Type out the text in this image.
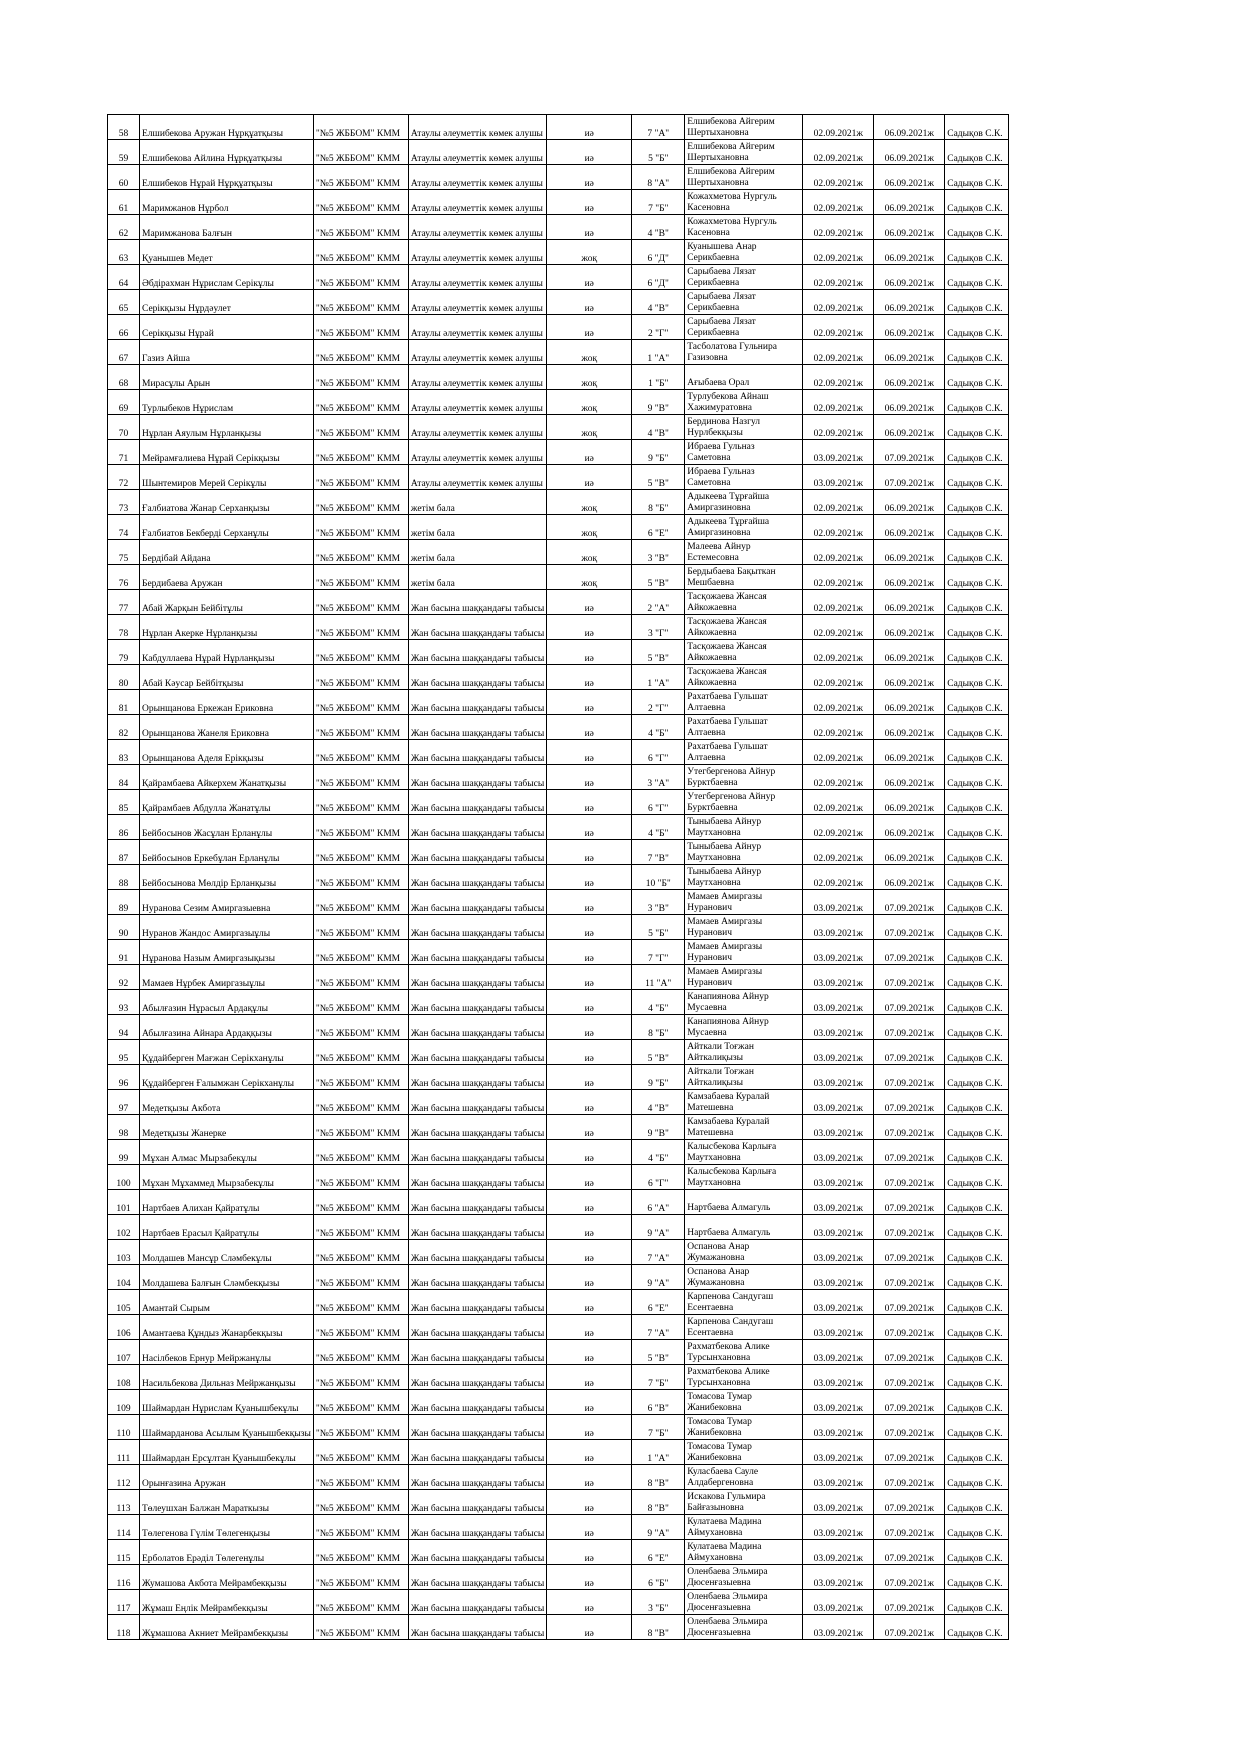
58	Елшибекова Аружан Нұрқұатқызы	"№5 ЖББОМ" КММ	Атаулы әлеуметтік көмек алушы	иә	7 "А"	Елшибекова Айгерим Шертыхановна	02.09.2021ж	06.09.2021ж	Садықов С.К.
59	Елшибекова Айлина Нұрқұатқызы	"№5 ЖББОМ" КММ	Атаулы әлеуметтік көмек алушы	иә	5 "Б"	Елшибекова Айгерим Шертыхановна	02.09.2021ж	06.09.2021ж	Садықов С.К.
60	Елшибеков Нұрай Нұрқұатқызы	"№5 ЖББОМ" КММ	Атаулы әлеуметтік көмек алушы	иә	8 "А"	Елшибекова Айгерим Шертыхановна	02.09.2021ж	06.09.2021ж	Садықов С.К.
61	Маримжанов Нұрбол	"№5 ЖББОМ" КММ	Атаулы әлеуметтік көмек алушы	иә	7 "Б"	Кожахметова Нургуль Касеновна	02.09.2021ж	06.09.2021ж	Садықов С.К.
62	Маримжанова Балғын	"№5 ЖББОМ" КММ	Атаулы әлеуметтік көмек алушы	иә	4 "В"	Кожахметова Нургуль Касеновна	02.09.2021ж	06.09.2021ж	Садықов С.К.
63	Қуанышев Медет	"№5 ЖББОМ" КММ	Атаулы әлеуметтік көмек алушы	жоқ	6 "Д"	Куанышева Анар Серикбаевна	02.09.2021ж	06.09.2021ж	Садықов С.К.
64	Әбдірахман Нұрислам Серікұлы	"№5 ЖББОМ" КММ	Атаулы әлеуметтік көмек алушы	иә	6 "Д"	Сарыбаева Лязат Серикбаевна	02.09.2021ж	06.09.2021ж	Садықов С.К.
65	Серікқызы Нұрдәулет	"№5 ЖББОМ" КММ	Атаулы әлеуметтік көмек алушы	иә	4 "В"	Сарыбаева Лязат Серикбаевна	02.09.2021ж	06.09.2021ж	Садықов С.К.
66	Серікқызы Нұрай	"№5 ЖББОМ" КММ	Атаулы әлеуметтік көмек алушы	иә	2 "Г"	Сарыбаева Лязат Серикбаевна	02.09.2021ж	06.09.2021ж	Садықов С.К.
67	Газиз Айша	"№5 ЖББОМ" КММ	Атаулы әлеуметтік көмек алушы	жоқ	1 "А"	Тасболатова Гульнира Газизовна	02.09.2021ж	06.09.2021ж	Садықов С.К.
68	Мирасұлы Арын	"№5 ЖББОМ" КММ	Атаулы әлеуметтік көмек алушы	жоқ	1 "Б"	Ағыбаева Орал	02.09.2021ж	06.09.2021ж	Садықов С.К.
69	Турлыбеков Нұрислам	"№5 ЖББОМ" КММ	Атаулы әлеуметтік көмек алушы	жоқ	9 "В"	Турлубекова Айнаш Хажимуратовна	02.09.2021ж	06.09.2021ж	Садықов С.К.
70	Нұрлан Аяулым Нұрланқызы	"№5 ЖББОМ" КММ	Атаулы әлеуметтік көмек алушы	жоқ	4 "В"	Бердинова Назгул Нурлбекқызы	02.09.2021ж	06.09.2021ж	Садықов С.К.
71	Мейрамғалиева Нұрай Серікқызы	"№5 ЖББОМ" КММ	Атаулы әлеуметтік көмек алушы	иә	9 "Б"	Ибраева Гульназ Саметовна	03.09.2021ж	07.09.2021ж	Садықов С.К.
72	Шынтемиров Мерей Серікұлы	"№5 ЖББОМ" КММ	Атаулы әлеуметтік көмек алушы	иә	5 "В"	Ибраева Гульназ Саметовна	03.09.2021ж	07.09.2021ж	Садықов С.К.
73	Ғалбиатова Жанар Серханқызы	"№5 ЖББОМ" КММ	жетім бала	жоқ	8 "Б"	Адыкеева Тұрғайша Амиргазиновна	02.09.2021ж	06.09.2021ж	Садықов С.К.
74	Ғалбиатов Бекберді Серханұлы	"№5 ЖББОМ" КММ	жетім бала	жоқ	6 "Е"	Адыкеева Тұрғайша Амиргазиновна	02.09.2021ж	06.09.2021ж	Садықов С.К.
75	Бердібай Айдана	"№5 ЖББОМ" КММ	жетім бала	жоқ	3 "В"	Малеева Айнур Естемесовна	02.09.2021ж	06.09.2021ж	Садықов С.К.
76	Бердибаева Аружан	"№5 ЖББОМ" КММ	жетім бала	жоқ	5 "В"	Бердыбаева Бақыткан Мешбаевна	02.09.2021ж	06.09.2021ж	Садықов С.К.
77	Абай Жарқын Бейбітұлы	"№5 ЖББОМ" КММ	Жан басына шаққандағы табысы	иә	2 "А"	Тасқожаева Жансая Айкожаевна	02.09.2021ж	06.09.2021ж	Садықов С.К.
78	Нұрлан Акерке Нұрланқызы	"№5 ЖББОМ" КММ	Жан басына шаққандағы табысы	иә	3 "Г"	Тасқожаева Жансая Айкожаевна	02.09.2021ж	06.09.2021ж	Садықов С.К.
79	Кабдуллаева Нұрай Нұрланқызы	"№5 ЖББОМ" КММ	Жан басына шаққандағы табысы	иә	5 "В"	Тасқожаева Жансая Айкожаевна	02.09.2021ж	06.09.2021ж	Садықов С.К.
80	Абай Кәусар Бейбітқызы	"№5 ЖББОМ" КММ	Жан басына шаққандағы табысы	иә	1 "А"	Тасқожаева Жансая Айкожаевна	02.09.2021ж	06.09.2021ж	Садықов С.К.
81	Орынщанова Еркежан Ериковна	"№5 ЖББОМ" КММ	Жан басына шаққандағы табысы	иә	2 "Г"	Рахатбаева Гульшат Алтаевна	02.09.2021ж	06.09.2021ж	Садықов С.К.
82	Орынщанова Жанеля Ериковна	"№5 ЖББОМ" КММ	Жан басына шаққандағы табысы	иә	4 "Б"	Рахатбаева Гульшат Алтаевна	02.09.2021ж	06.09.2021ж	Садықов С.К.
83	Орынщанова Аделя Ерікқызы	"№5 ЖББОМ" КММ	Жан басына шаққандағы табысы	иә	6 "Г"	Рахатбаева Гульшат Алтаевна	02.09.2021ж	06.09.2021ж	Садықов С.К.
84	Қайрамбаева Айкерхем Жанатқызы	"№5 ЖББОМ" КММ	Жан басына шаққандағы табысы	иә	3 "А"	Утегбергенова Айнур Бурктбаевна	02.09.2021ж	06.09.2021ж	Садықов С.К.
85	Қайрамбаев Абдулла Жанатұлы	"№5 ЖББОМ" КММ	Жан басына шаққандағы табысы	иә	6 "Г"	Утегбергенова Айнур Бурктбаевна	02.09.2021ж	06.09.2021ж	Садықов С.К.
86	Бейбосынов Жасұлан Ерланұлы	"№5 ЖББОМ" КММ	Жан басына шаққандағы табысы	иә	4 "Б"	Тыныбаева Айнур Маутхановна	02.09.2021ж	06.09.2021ж	Садықов С.К.
87	Бейбосынов Еркебұлан Ерланұлы	"№5 ЖББОМ" КММ	Жан басына шаққандағы табысы	иә	7 "В"	Тыныбаева Айнур Маутхановна	02.09.2021ж	06.09.2021ж	Садықов С.К.
88	Бейбосынова Мөлдір Ерланқызы	"№5 ЖББОМ" КММ	Жан басына шаққандағы табысы	иә	10 "Б"	Тыныбаева Айнур Маутхановна	02.09.2021ж	06.09.2021ж	Садықов С.К.
89	Нуранова Сезим Амиргазыевна	"№5 ЖББОМ" КММ	Жан басына шаққандағы табысы	иә	3 "В"	Мамаев Амиргазы Нуранович	03.09.2021ж	07.09.2021ж	Садықов С.К.
90	Нуранов Жандос Амиргазыұлы	"№5 ЖББОМ" КММ	Жан басына шаққандағы табысы	иә	5 "Б"	Мамаев Амиргазы Нуранович	03.09.2021ж	07.09.2021ж	Садықов С.К.
91	Нұранова Назым Амиргазықызы	"№5 ЖББОМ" КММ	Жан басына шаққандағы табысы	иә	7 "Г"	Мамаев Амиргазы Нуранович	03.09.2021ж	07.09.2021ж	Садықов С.К.
92	Мамаев Нұрбек Амиргазыұлы	"№5 ЖББОМ" КММ	Жан басына шаққандағы табысы	иә	11 "А"	Мамаев Амиргазы Нуранович	03.09.2021ж	07.09.2021ж	Садықов С.К.
93	Абылғазин Нұрасыл Ардақұлы	"№5 ЖББОМ" КММ	Жан басына шаққандағы табысы	иә	4 "Б"	Канапиянова Айнур Мусаевна	03.09.2021ж	07.09.2021ж	Садықов С.К.
94	Абылғазина Айнара Ардаққызы	"№5 ЖББОМ" КММ	Жан басына шаққандағы табысы	иә	8 "Б"	Канапиянова Айнур Мусаевна	03.09.2021ж	07.09.2021ж	Садықов С.К.
95	Құдайберген Мағжан Серікханұлы	"№5 ЖББОМ" КММ	Жан басына шаққандағы табысы	иә	5 "В"	Айткали Тоғжан Айткалиқызы	03.09.2021ж	07.09.2021ж	Садықов С.К.
96	Құдайберген Ғалымжан Серікханұлы	"№5 ЖББОМ" КММ	Жан басына шаққандағы табысы	иә	9 "Б"	Айткали Тоғжан Айткалиқызы	03.09.2021ж	07.09.2021ж	Садықов С.К.
97	Медетқызы Акбота	"№5 ЖББОМ" КММ	Жан басына шаққандағы табысы	иә	4 "В"	Камзабаева Куралай Матешевна	03.09.2021ж	07.09.2021ж	Садықов С.К.
98	Медетқызы Жанерке	"№5 ЖББОМ" КММ	Жан басына шаққандағы табысы	иә	9 "В"	Камзабаева Куралай Матешевна	03.09.2021ж	07.09.2021ж	Садықов С.К.
99	Мұхан Алмас Мырзабекұлы	"№5 ЖББОМ" КММ	Жан басына шаққандағы табысы	иә	4 "Б"	Калысбекова Карлыға Маутхановна	03.09.2021ж	07.09.2021ж	Садықов С.К.
100	Мұхан Мұхаммед Мырзабекұлы	"№5 ЖББОМ" КММ	Жан басына шаққандағы табысы	иә	6 "Г"	Калысбекова Карлыға Маутхановна	03.09.2021ж	07.09.2021ж	Садықов С.К.
101	Нартбаев Алихан Қайратұлы	"№5 ЖББОМ" КММ	Жан басына шаққандағы табысы	иә	6 "А"	Нартбаева Алмагуль	03.09.2021ж	07.09.2021ж	Садықов С.К.
102	Нартбаев Ерасыл Қайратұлы	"№5 ЖББОМ" КММ	Жан басына шаққандағы табысы	иә	9 "А"	Нартбаева Алмагуль	03.09.2021ж	07.09.2021ж	Садықов С.К.
103	Молдашев Мансұр Сләмбекұлы	"№5 ЖББОМ" КММ	Жан басына шаққандағы табысы	иә	7 "А"	Оспанова Анар Жумажановна	03.09.2021ж	07.09.2021ж	Садықов С.К.
104	Молдашева Балғын Сләмбекқызы	"№5 ЖББОМ" КММ	Жан басына шаққандағы табысы	иә	9 "А"	Оспанова Анар Жумажановна	03.09.2021ж	07.09.2021ж	Садықов С.К.
105	Амантай Сырым	"№5 ЖББОМ" КММ	Жан басына шаққандағы табысы	иә	6 "Е"	Карпенова Сандугаш Есентаевна	03.09.2021ж	07.09.2021ж	Садықов С.К.
106	Амантаева Құндыз Жанарбекқызы	"№5 ЖББОМ" КММ	Жан басына шаққандағы табысы	иә	7 "А"	Карпенова Сандугаш Есентаевна	03.09.2021ж	07.09.2021ж	Садықов С.К.
107	Насілбеков Ернур Мейржанұлы	"№5 ЖББОМ" КММ	Жан басына шаққандағы табысы	иә	5 "В"	Рахматбекова Алике Турсынхановна	03.09.2021ж	07.09.2021ж	Садықов С.К.
108	Насильбекова Дильназ Мейржанқызы	"№5 ЖББОМ" КММ	Жан басына шаққандағы табысы	иә	7 "Б"	Рахматбекова Алике Турсынхановна	03.09.2021ж	07.09.2021ж	Садықов С.К.
109	Шаймардан Нұрислам Қуанышбекұлы	"№5 ЖББОМ" КММ	Жан басына шаққандағы табысы	иә	6 "В"	Томасова Тумар Жанибековна	03.09.2021ж	07.09.2021ж	Садықов С.К.
110	Шаймарданова Асылым Қуанышбекқызы	"№5 ЖББОМ" КММ	Жан басына шаққандағы табысы	иә	7 "Б"	Томасова Тумар Жанибековна	03.09.2021ж	07.09.2021ж	Садықов С.К.
111	Шаймардан Ерсұлтан Қуанышбекұлы	"№5 ЖББОМ" КММ	Жан басына шаққандағы табысы	иә	1 "А"	Томасова Тумар Жанибековна	03.09.2021ж	07.09.2021ж	Садықов С.К.
112	Орынғазина Аружан	"№5 ЖББОМ" КММ	Жан басына шаққандағы табысы	иә	8 "В"	Куласбаева Сауле Алдабергеновна	03.09.2021ж	07.09.2021ж	Садықов С.К.
113	Төлеушхан Балжан Мараткызы	"№5 ЖББОМ" КММ	Жан басына шаққандағы табысы	иә	8 "В"	Искакова Гульмира Байғазыновна	03.09.2021ж	07.09.2021ж	Садықов С.К.
114	Төлегенова Гүлім Төлегенқызы	"№5 ЖББОМ" КММ	Жан басына шаққандағы табысы	иә	9 "А"	Кулатаева Мадина Аймухановна	03.09.2021ж	07.09.2021ж	Садықов С.К.
115	Ерболатов Ерәділ Төлегенұлы	"№5 ЖББОМ" КММ	Жан басына шаққандағы табысы	иә	6 "Е"	Кулатаева Мадина Аймухановна	03.09.2021ж	07.09.2021ж	Садықов С.К.
116	Жумашова Акбота Мейрамбекқызы	"№5 ЖББОМ" КММ	Жан басына шаққандағы табысы	иә	6 "Б"	Оленбаева Эльмира Дюсенғазыевна	03.09.2021ж	07.09.2021ж	Садықов С.К.
117	Жұмаш Еңлік Мейрамбекқызы	"№5 ЖББОМ" КММ	Жан басына шаққандағы табысы	иә	3 "Б"	Оленбаева Эльмира Дюсенғазыевна	03.09.2021ж	07.09.2021ж	Садықов С.К.
118	Жұмашова Акниет Мейрамбекқызы	"№5 ЖББОМ" КММ	Жан басына шаққандағы табысы	иә	8 "В"	Оленбаева Эльмира Дюсенғазыевна	03.09.2021ж	07.09.2021ж	Садықов С.К.
